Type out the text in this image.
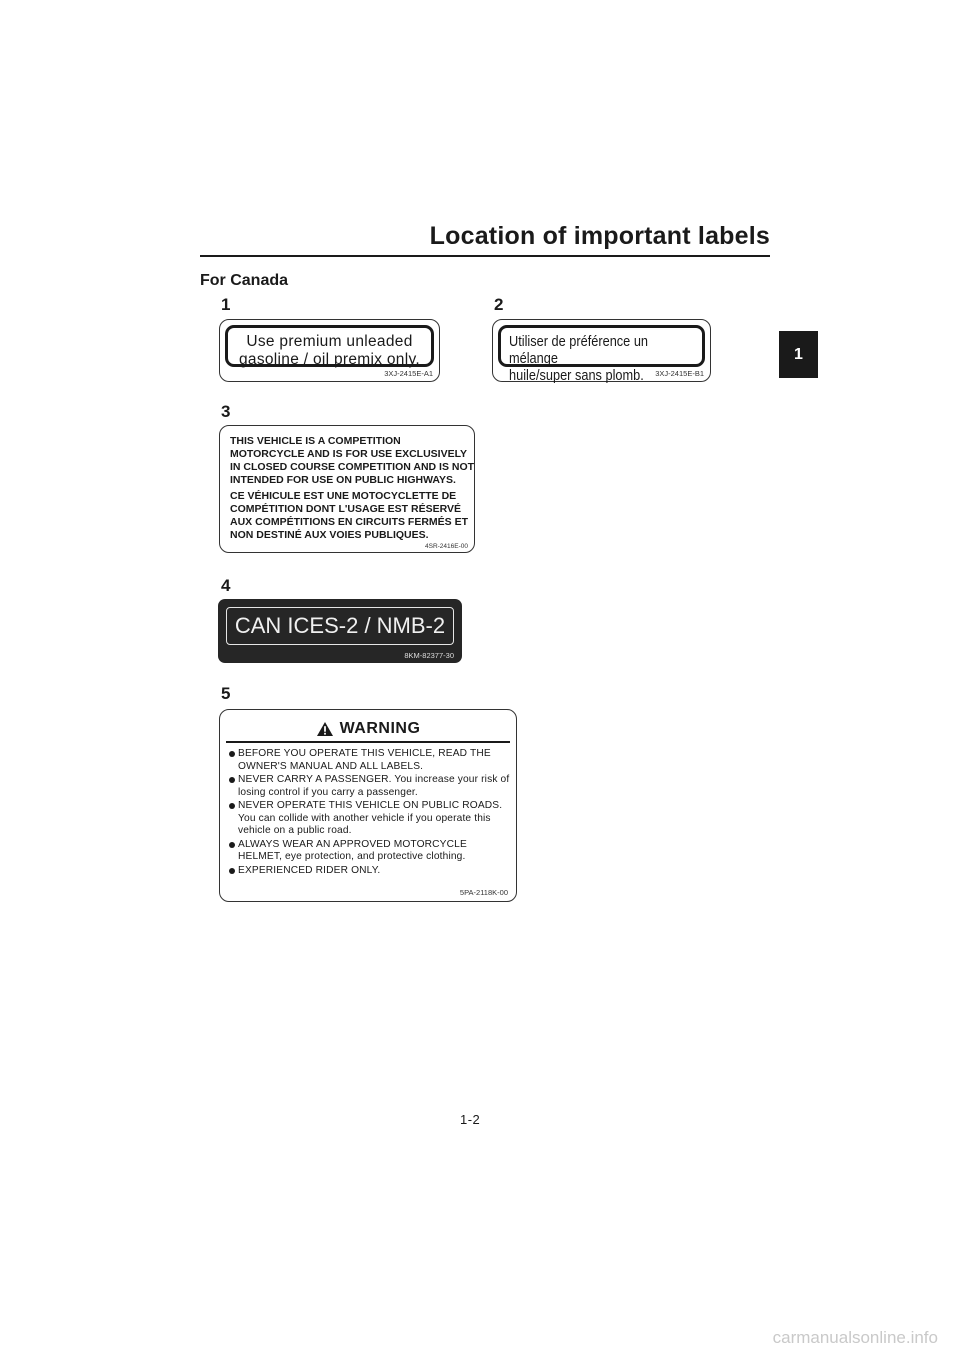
Location of important labels
1
For Canada
1
Use premium unleaded
gasoline / oil premix only.
3XJ-2415E-A1
2
Utiliser de préférence un mélange
huile/super sans plomb.	3XJ-2415E-B1
3
THIS VEHICLE IS A COMPETITION
MOTORCYCLE AND IS FOR USE EXCLUSIVELY
IN CLOSED COURSE COMPETITION AND IS NOT
INTENDED FOR USE ON PUBLIC HIGHWAYS.
CE VÉHICULE EST UNE MOTOCYCLETTE DE
COMPÉTITION DONT L'USAGE EST RÉSERVÉ
AUX COMPÉTITIONS EN CIRCUITS FERMÉS ET
NON DESTINÉ AUX VOIES PUBLIQUES.
4SR-2416E-00
4
CAN ICES-2 / NMB-2
8KM-82377-30
5
WARNING
BEFORE YOU OPERATE THIS VEHICLE, READ THE OWNER'S MANUAL AND ALL LABELS.
NEVER CARRY A PASSENGER. You increase your risk of losing control if you carry a passenger.
NEVER OPERATE THIS VEHICLE ON PUBLIC ROADS. You can collide with another vehicle if you operate this vehicle on a public road.
ALWAYS WEAR AN APPROVED MOTORCYCLE HELMET, eye protection, and protective clothing.
EXPERIENCED RIDER ONLY.
5PA-2118K-00
1-2
carmanualsonline.info
